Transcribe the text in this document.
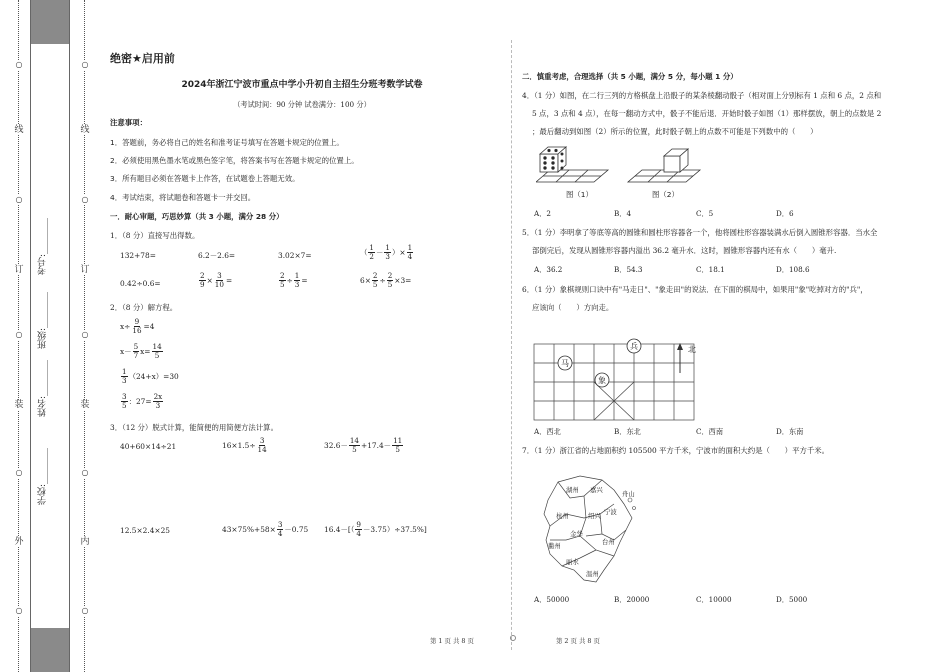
○
线
○
订
○
装
○
外
○
学校:________
姓名:________
班级:________
考号:________
○
线
○
订
○
装
○
内
○
绝密★启用前
2024年浙江宁波市重点中学小升初自主招生分班考数学试卷
（考试时间：90 分钟 试卷满分：100 分）
注意事项：
1．答题前，务必将自己的姓名和准考证号填写在答题卡规定的位置上。
2．必须使用黑色墨水笔或黑色签字笔，将答案书写在答题卡规定的位置上。
3．所有题目必须在答题卡上作答，在试题卷上答题无效。
4．考试结束，将试题卷和答题卡一并交回。
一．耐心审题，巧思妙算（共 3 小题，满分 28 分）
1．（8 分）直接写出得数。
132+78=	6.2－2.6=	3.02×7=	（ $\frac{1}{2} - \frac{1}{3}$ ） × $\frac{1}{4}$
0.42÷0.6=	$\frac{2}{9} \times \frac{3}{10}$ =	$\frac{2}{5} \div \frac{1}{3}$ =	$6\times \frac{2}{5} \div \frac{2}{5} \times 3=$
2．（8 分）解方程。
$x\div \frac{9}{16} =4$
$x- \frac{5}{7} x= \frac{14}{5}$
$\frac{1}{3} (24+x)=30$
$\frac{3}{5}$ ：$27= \frac{2x}{3}$
3．（12 分）脱式计算，能简便的用简便方法计算。
40+60×14÷21	$16\times 1.5\div \frac{3}{14}$	$32.6- \frac{14}{5} +17.4- \frac{11}{5}$
12.5×2.4×25	$43\times 75\%+58\times \frac{3}{4} -0.75$ $16.4-[( \frac{9}{4} -3.75)\div 37.5\%]$
二．慎重考虑，合理选择（共 5 小题，满分 5 分，每小题 1 分）
4．（1 分）如图，在二行三列的方格棋盘上沿骰子的某条棱翻动骰子（相对面上分别标有 1 点和 6 点，2 点和
5 点，3 点和 4 点），在每一翻动方式中，骰子不能后退．开始时骰子如图（1）那样摆放，朝上的点数是 2
；最后翻动到如图（2）所示的位置，此时骰子朝上的点数不可能是下列数中的（　　）
图（1）	图（2）
A．2	B．4	C．5	D．6
5．（1 分）李明拿了等底等高的圆锥和圆柱形容器各一个，他将圆柱形容器装满水后倒入圆锥形容器．当水全
部倒完后，发现从圆锥形容器内溢出 36.2 毫升水．这时，圆锥形容器内还有水（　　）毫升.
A．36.2	B．54.3	C．18.1	D．108.6
6．（1 分）象棋规则口诀中有"马走日"、"象走田"的说法．在下面的棋局中，如果用"象"吃掉对方的"兵"，
应该向（　　）方向走。
兵
马
象
北
A．西北	B．东北	C．西南	D．东南
7．（1 分）浙江省的占地面积约 105500 平方千米，宁波市的面积大约是（　　）平方千米。
湖州 嘉兴
杭州	绍兴 宁波
舟山
金华
台州
衢州
丽水
温州
A．50000	B．20000	C．10000	D．5000
第 1 页 共 8 页	第 2 页 共 8 页
